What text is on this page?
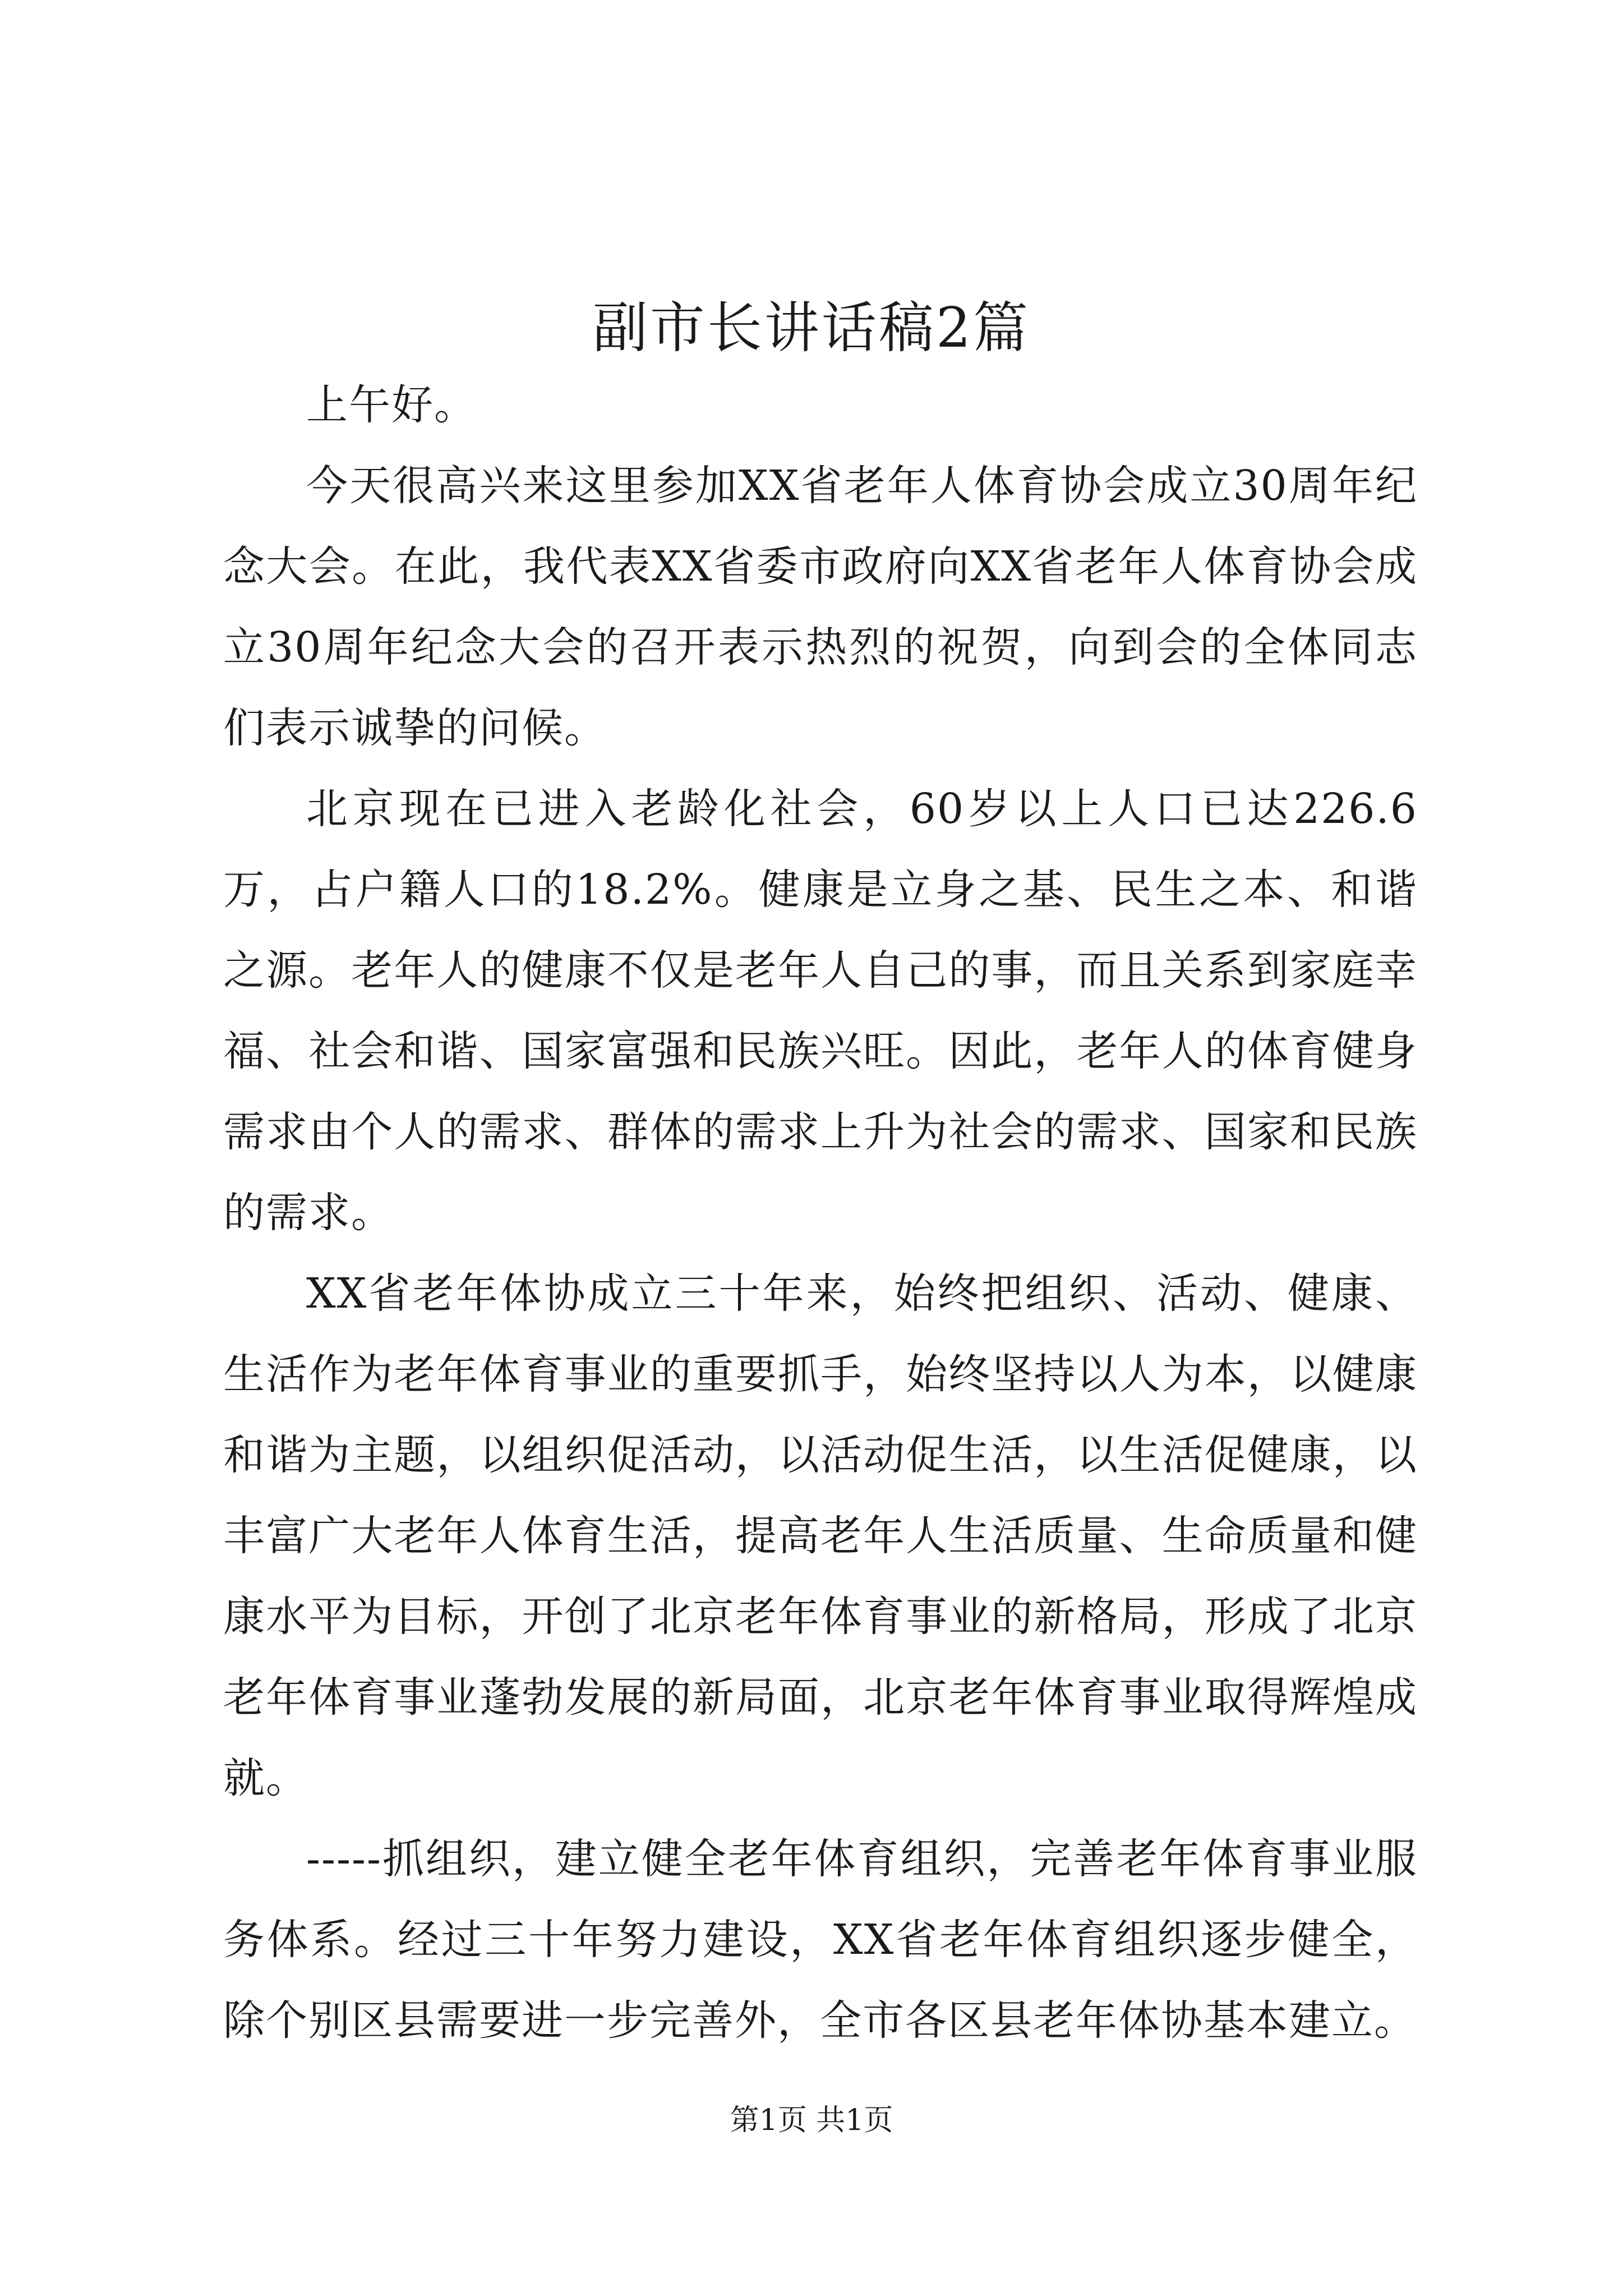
副市长讲话稿2篇

上午好。

今天很高兴来这里参加XX省老年人体育协会成立30周年纪念大会。在此，我代表XX省委市政府向XX省老年人体育协会成立30周年纪念大会的召开表示热烈的祝贺，向到会的全体同志们表示诚挚的问候。

北京现在已进入老龄化社会，60岁以上人口已达226.6万，占户籍人口的18.2%。健康是立身之基、民生之本、和谐之源。老年人的健康不仅是老年人自己的事，而且关系到家庭幸福、社会和谐、国家富强和民族兴旺。因此，老年人的体育健身需求由个人的需求、群体的需求上升为社会的需求、国家和民族的需求。

XX省老年体协成立三十年来，始终把组织、活动、健康、生活作为老年体育事业的重要抓手，始终坚持以人为本，以健康和谐为主题，以组织促活动，以活动促生活，以生活促健康，以丰富广大老年人体育生活，提高老年人生活质量、生命质量和健康水平为目标，开创了北京老年体育事业的新格局，形成了北京老年体育事业蓬勃发展的新局面，北京老年体育事业取得辉煌成就。

-----抓组织，建立健全老年体育组织，完善老年体育事业服务体系。经过三十年努力建设，XX省老年体育组织逐步健全，除个别区县需要进一步完善外，全市各区县老年体协基本建立。

第1页 共1页
